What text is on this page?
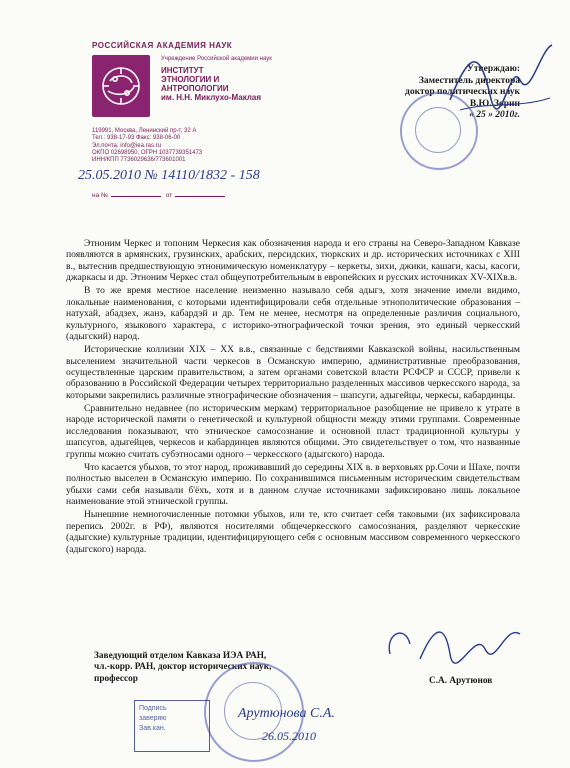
РОССИЙСКАЯ АКАДЕМИЯ НАУК
Учреждение Российской академии наук
ИНСТИТУТ
ЭТНОЛОГИИ И
АНТРОПОЛОГИИ
им. Н.Н. Миклухо-Маклая
119991, Москва, Ленинский пр-т, 32 А
Тел.: 938-17-93 Факс: 938-06-00
Эл.почта: info@iea.ras.ru
ОКПО 02698950, ОГРН 1037739351473
ИНН/КПП 7736029636/773601001
25.05.2010 № 14110/1832 - 158
на №	от
Утверждаю:
Заместитель директора
доктор политических наук
В.Ю. Зорин
« 25 » 2010г.

Этноним Черкес и топоним Черкесия как обозначения народа и его страны на Северо-Западном Кавказе появляются в армянских, грузинских, арабских, персидских, тюркских и др. исторических источниках с XIII в., вытеснив предшествующую этнонимическую номенклатуру – керкеты, зихи, джики, кашаги, касы, касоги, джаркасы и др. Этноним Черкес стал общеупотребительным в европейских и русских источниках XV-XIXв.в.

В то же время местное население неизменно называло себя адыгэ, хотя значение имели видимо, локальные наименования, с которыми идентифицировали себя отдельные этнополитические образования – натухай, абадзех, жанэ, кабардэй и др. Тем не менее, несмотря на определенные различия социального, культурного, языкового характера, с историко-этнографической точки зрения, это единый черкесский (адыгский) народ.

Исторические коллизии XIX – XX в.в., связанные с бедствиями Кавказской войны, насильственным выселением значительной части черкесов в Османскую империю, административные преобразования, осуществленные царским правительством, а затем органами советской власти РСФСР и СССР, привели к образованию в Российской Федерации четырех территориально разделенных массивов черкесского народа, за которыми закрепились различные этнографические обозначения – шапсуги, адыгейцы, черкесы, кабардинцы.

Сравнительно недавнее (по историческим меркам) территориальное разобщение не привело к утрате в народе исторической памяти о генетической и культурной общности между этими группами. Современные исследования показывают, что этническое самосознание и основной пласт традиционной культуры у шапсугов, адыгейцев, черкесов и кабардинцев являются общими. Это свидетельствует о том, что названные группы можно считать субэтносами одного – черкесского (адыгского) народа.

Что касается убыхов, то этот народ, проживавший до середины XIX в. в верховьях рр.Сочи и Шахе, почти полностью выселен в Османскую империю. По сохранившимся письменным историческим свидетельствам убыхи сами себя называли б'ёхъ, хотя и в данном случае источниками зафиксировано лишь локальное наименование этой этнической группы.

Нынешние немногочисленные потомки убыхов, или те, кто считает себя таковыми (их зафиксировала перепись 2002г. в РФ), являются носителями общечеркесского самосознания, разделяют черкесские (адыгские) культурные традиции, идентифицирующего себя с основным массивом современного черкесского (адыгского) народа.

Заведующий отделом Кавказа ИЭА РАН,
чл.-корр. РАН, доктор исторических наук,
профессор	С.А. Арутюнов
Подпись
заверяю
Зав.кан.
Арутюнова С.А.
26.05.2010
